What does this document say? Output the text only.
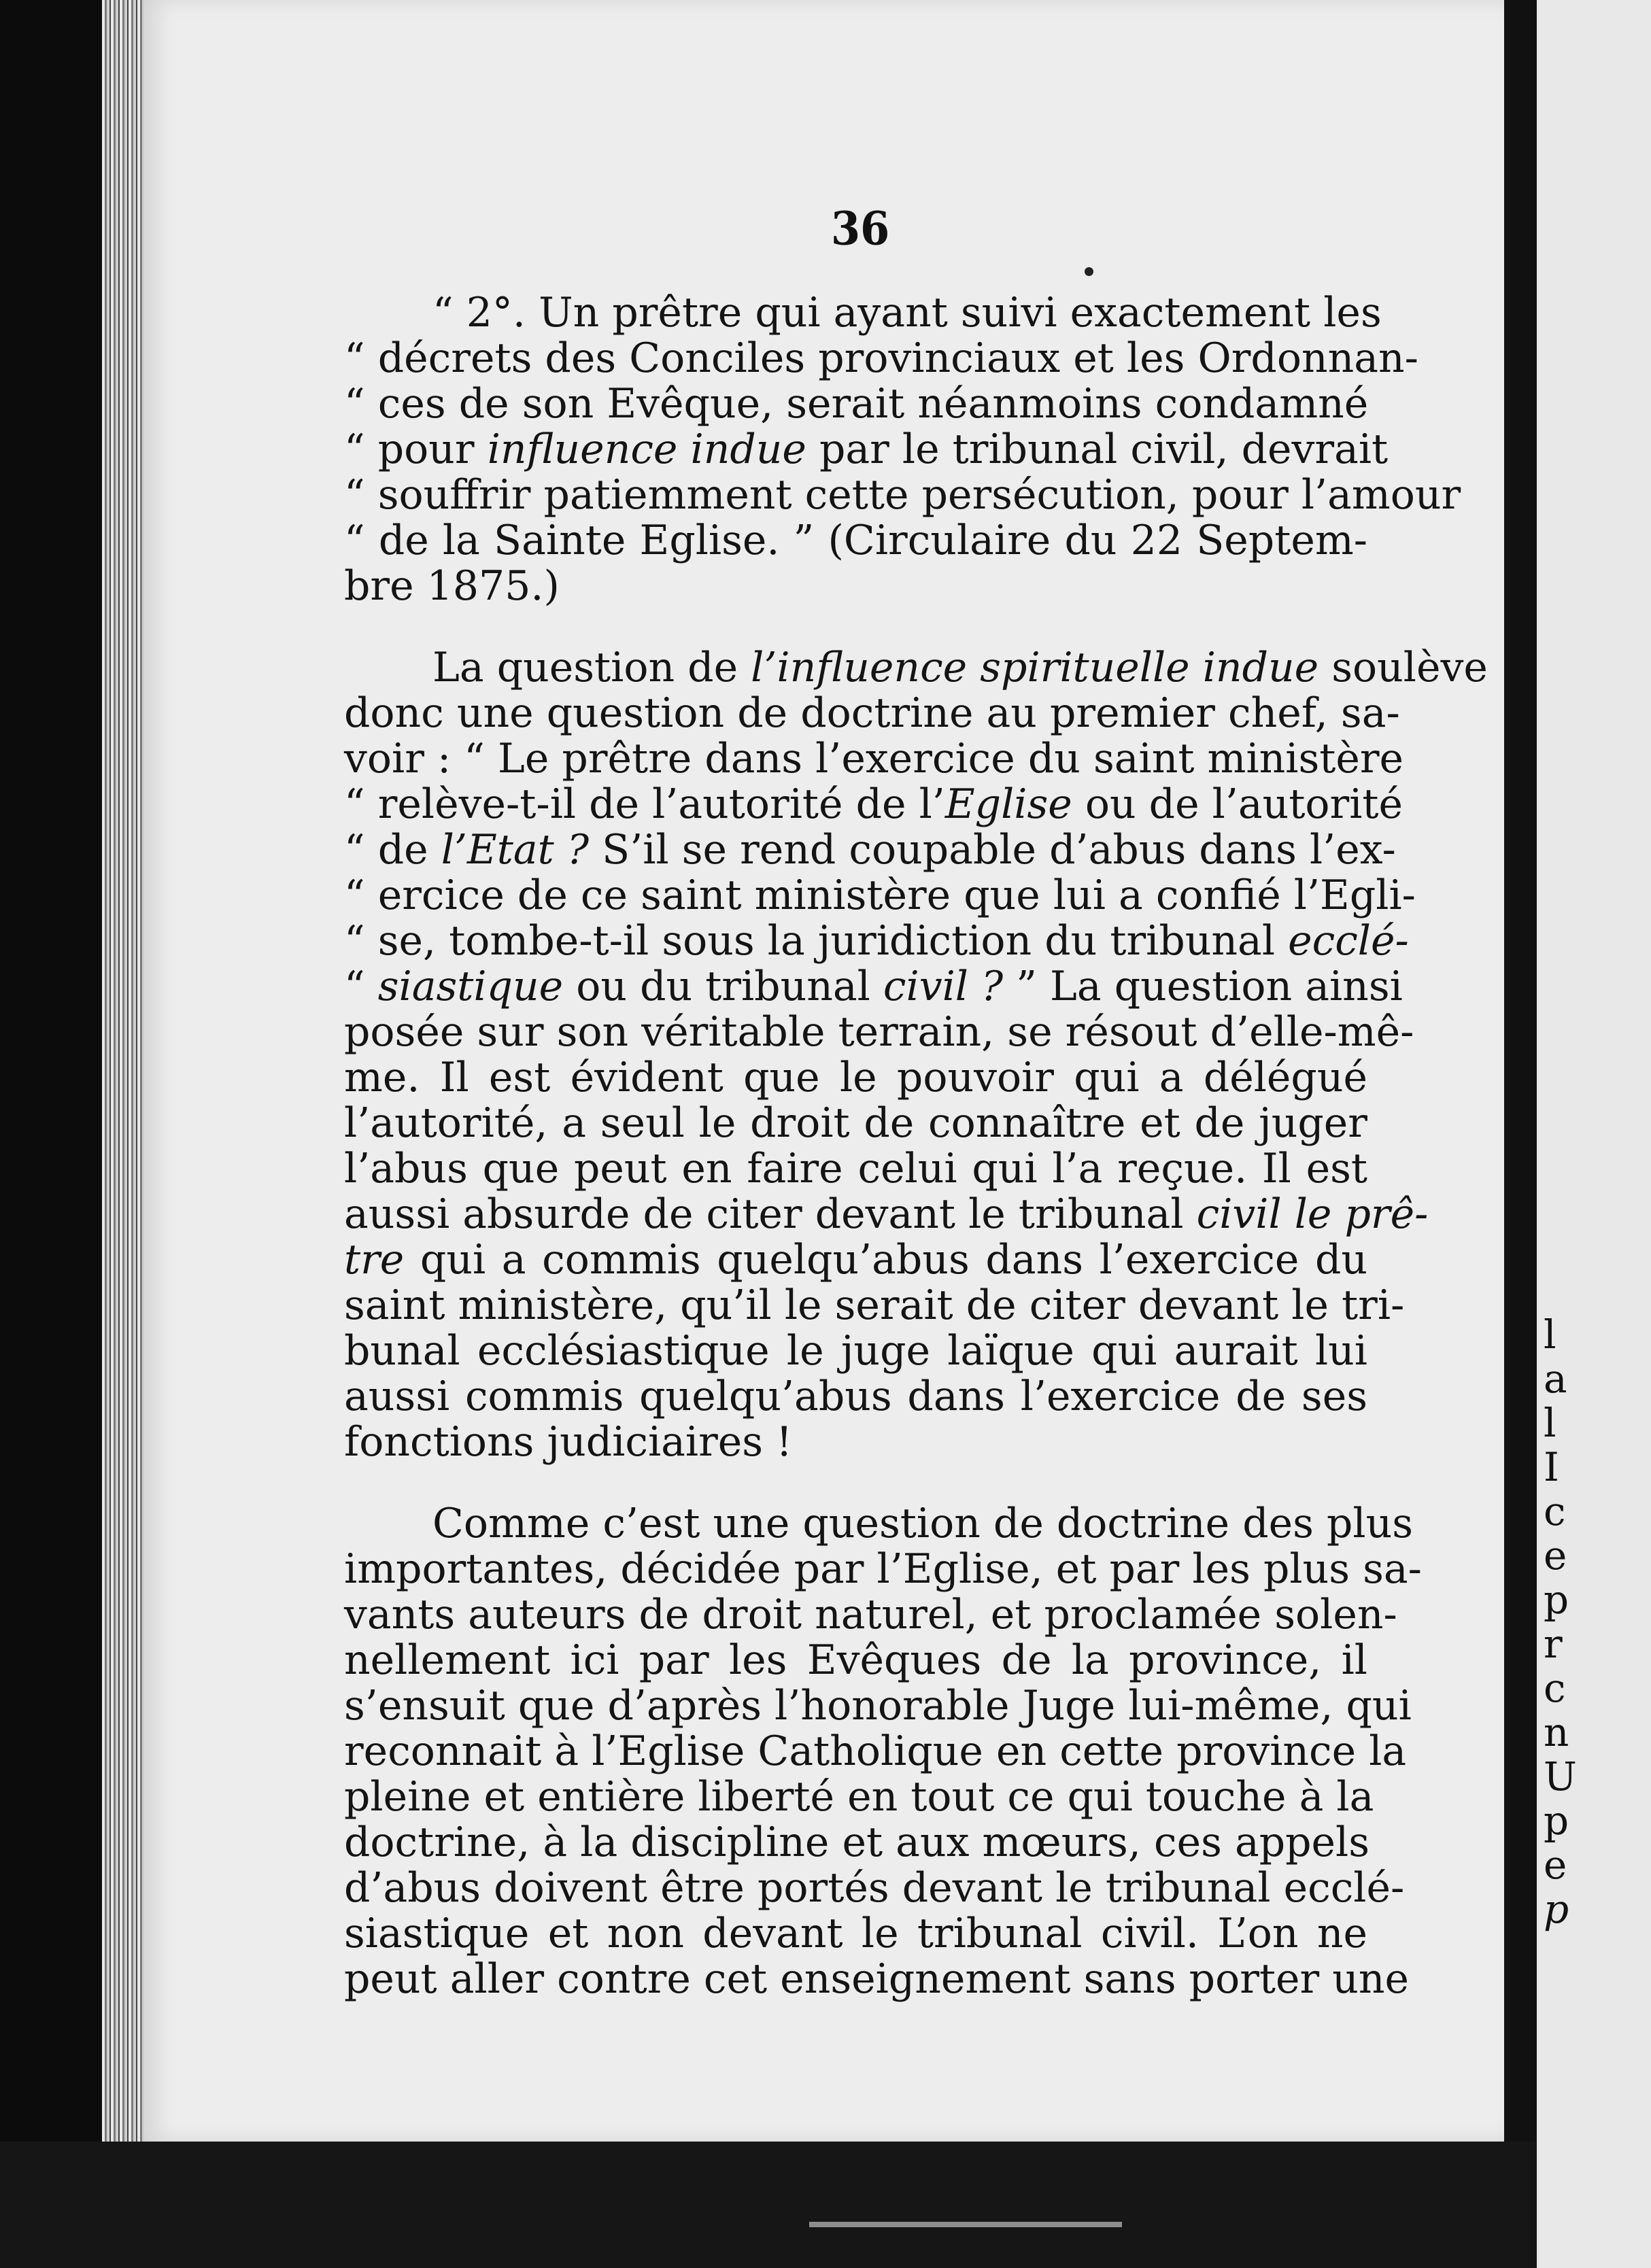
36
“ 2°. Un prêtre qui ayant suivi exactement les
“ décrets des Conciles provinciaux et les Ordonnan-
“ ces de son Evêque, serait néanmoins condamné
“ pour influence indue par le tribunal civil, devrait
“ souffrir patiemment cette persécution, pour l’amour
“ de la Sainte Eglise. ” (Circulaire du 22 Septem-
bre 1875.)
La question de l’influence spirituelle indue soulève
donc une question de doctrine au premier chef, sa-
voir : “ Le prêtre dans l’exercice du saint ministère
“ relève-t-il de l’autorité de l’Eglise ou de l’autorité
“ de l’Etat ? S’il se rend coupable d’abus dans l’ex-
“ ercice de ce saint ministère que lui a confié l’Egli-
“ se, tombe-t-il sous la juridiction du tribunal ecclé-
“ siastique ou du tribunal civil ? ” La question ainsi
posée sur son véritable terrain, se résout d’elle-mê-
me. Il est évident que le pouvoir qui a délégué
l’autorité, a seul le droit de connaître et de juger
l’abus que peut en faire celui qui l’a reçue. Il est
aussi absurde de citer devant le tribunal civil le prê-
tre qui a commis quelqu’abus dans l’exercice du
saint ministère, qu’il le serait de citer devant le tri-
bunal ecclésiastique le juge laïque qui aurait lui
aussi commis quelqu’abus dans l’exercice de ses
fonctions judiciaires !
Comme c’est une question de doctrine des plus
importantes, décidée par l’Eglise, et par les plus sa-
vants auteurs de droit naturel, et proclamée solen-
nellement ici par les Evêques de la province, il
s’ensuit que d’après l’honorable Juge lui-même, qui
reconnait à l’Eglise Catholique en cette province la
pleine et entière liberté en tout ce qui touche à la
doctrine, à la discipline et aux mœurs, ces appels
d’abus doivent être portés devant le tribunal ecclé-
siastique et non devant le tribunal civil. L’on ne
peut aller contre cet enseignement sans porter une
l
a
l
I
c
e
p
r
c
n
U
p
e
p
